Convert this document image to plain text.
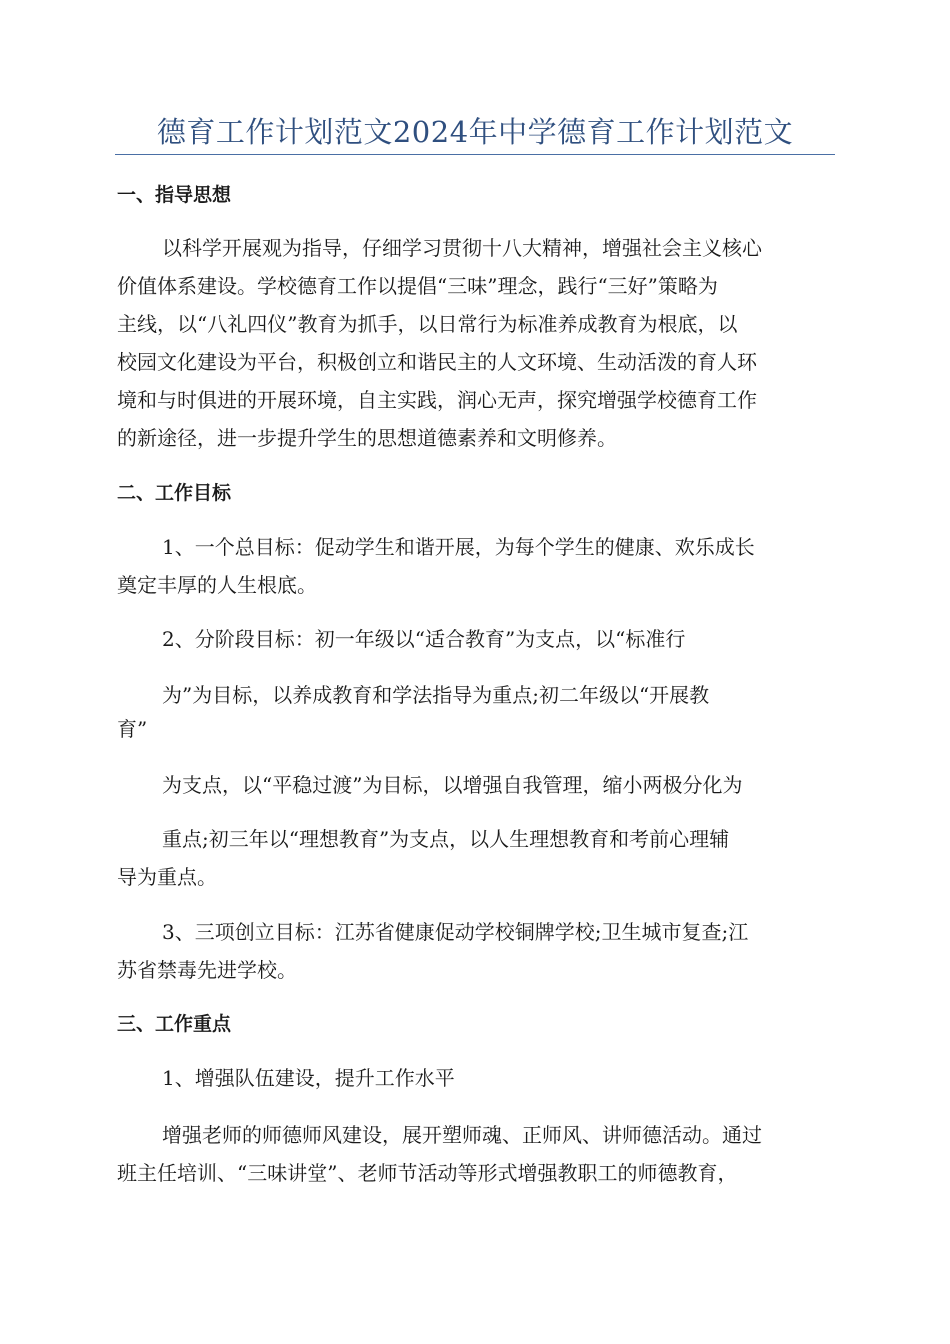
德育工作计划范文2024年中学德育工作计划范文
一、指导思想
以科学开展观为指导，仔细学习贯彻十八大精神，增强社会主义核心
价值体系建设。学校德育工作以提倡“三味”理念，践行“三好”策略为
主线，以“八礼四仪”教育为抓手，以日常行为标准养成教育为根底，以
校园文化建设为平台，积极创立和谐民主的人文环境、生动活泼的育人环
境和与时俱进的开展环境，自主实践，润心无声，探究增强学校德育工作
的新途径，进一步提升学生的思想道德素养和文明修养。
二、工作目标
1、一个总目标：促动学生和谐开展，为每个学生的健康、欢乐成长
奠定丰厚的人生根底。
2、分阶段目标：初一年级以“适合教育”为支点，以“标准行
为”为目标，以养成教育和学法指导为重点;初二年级以“开展教
育”
为支点，以“平稳过渡”为目标，以增强自我管理，缩小两极分化为
重点;初三年以“理想教育”为支点，以人生理想教育和考前心理辅
导为重点。
3、三项创立目标：江苏省健康促动学校铜牌学校;卫生城市复查;江
苏省禁毒先进学校。
三、工作重点
1、增强队伍建设，提升工作水平
增强老师的师德师风建设，展开塑师魂、正师风、讲师德活动。通过
班主任培训、“三味讲堂”、老师节活动等形式增强教职工的师德教育，
